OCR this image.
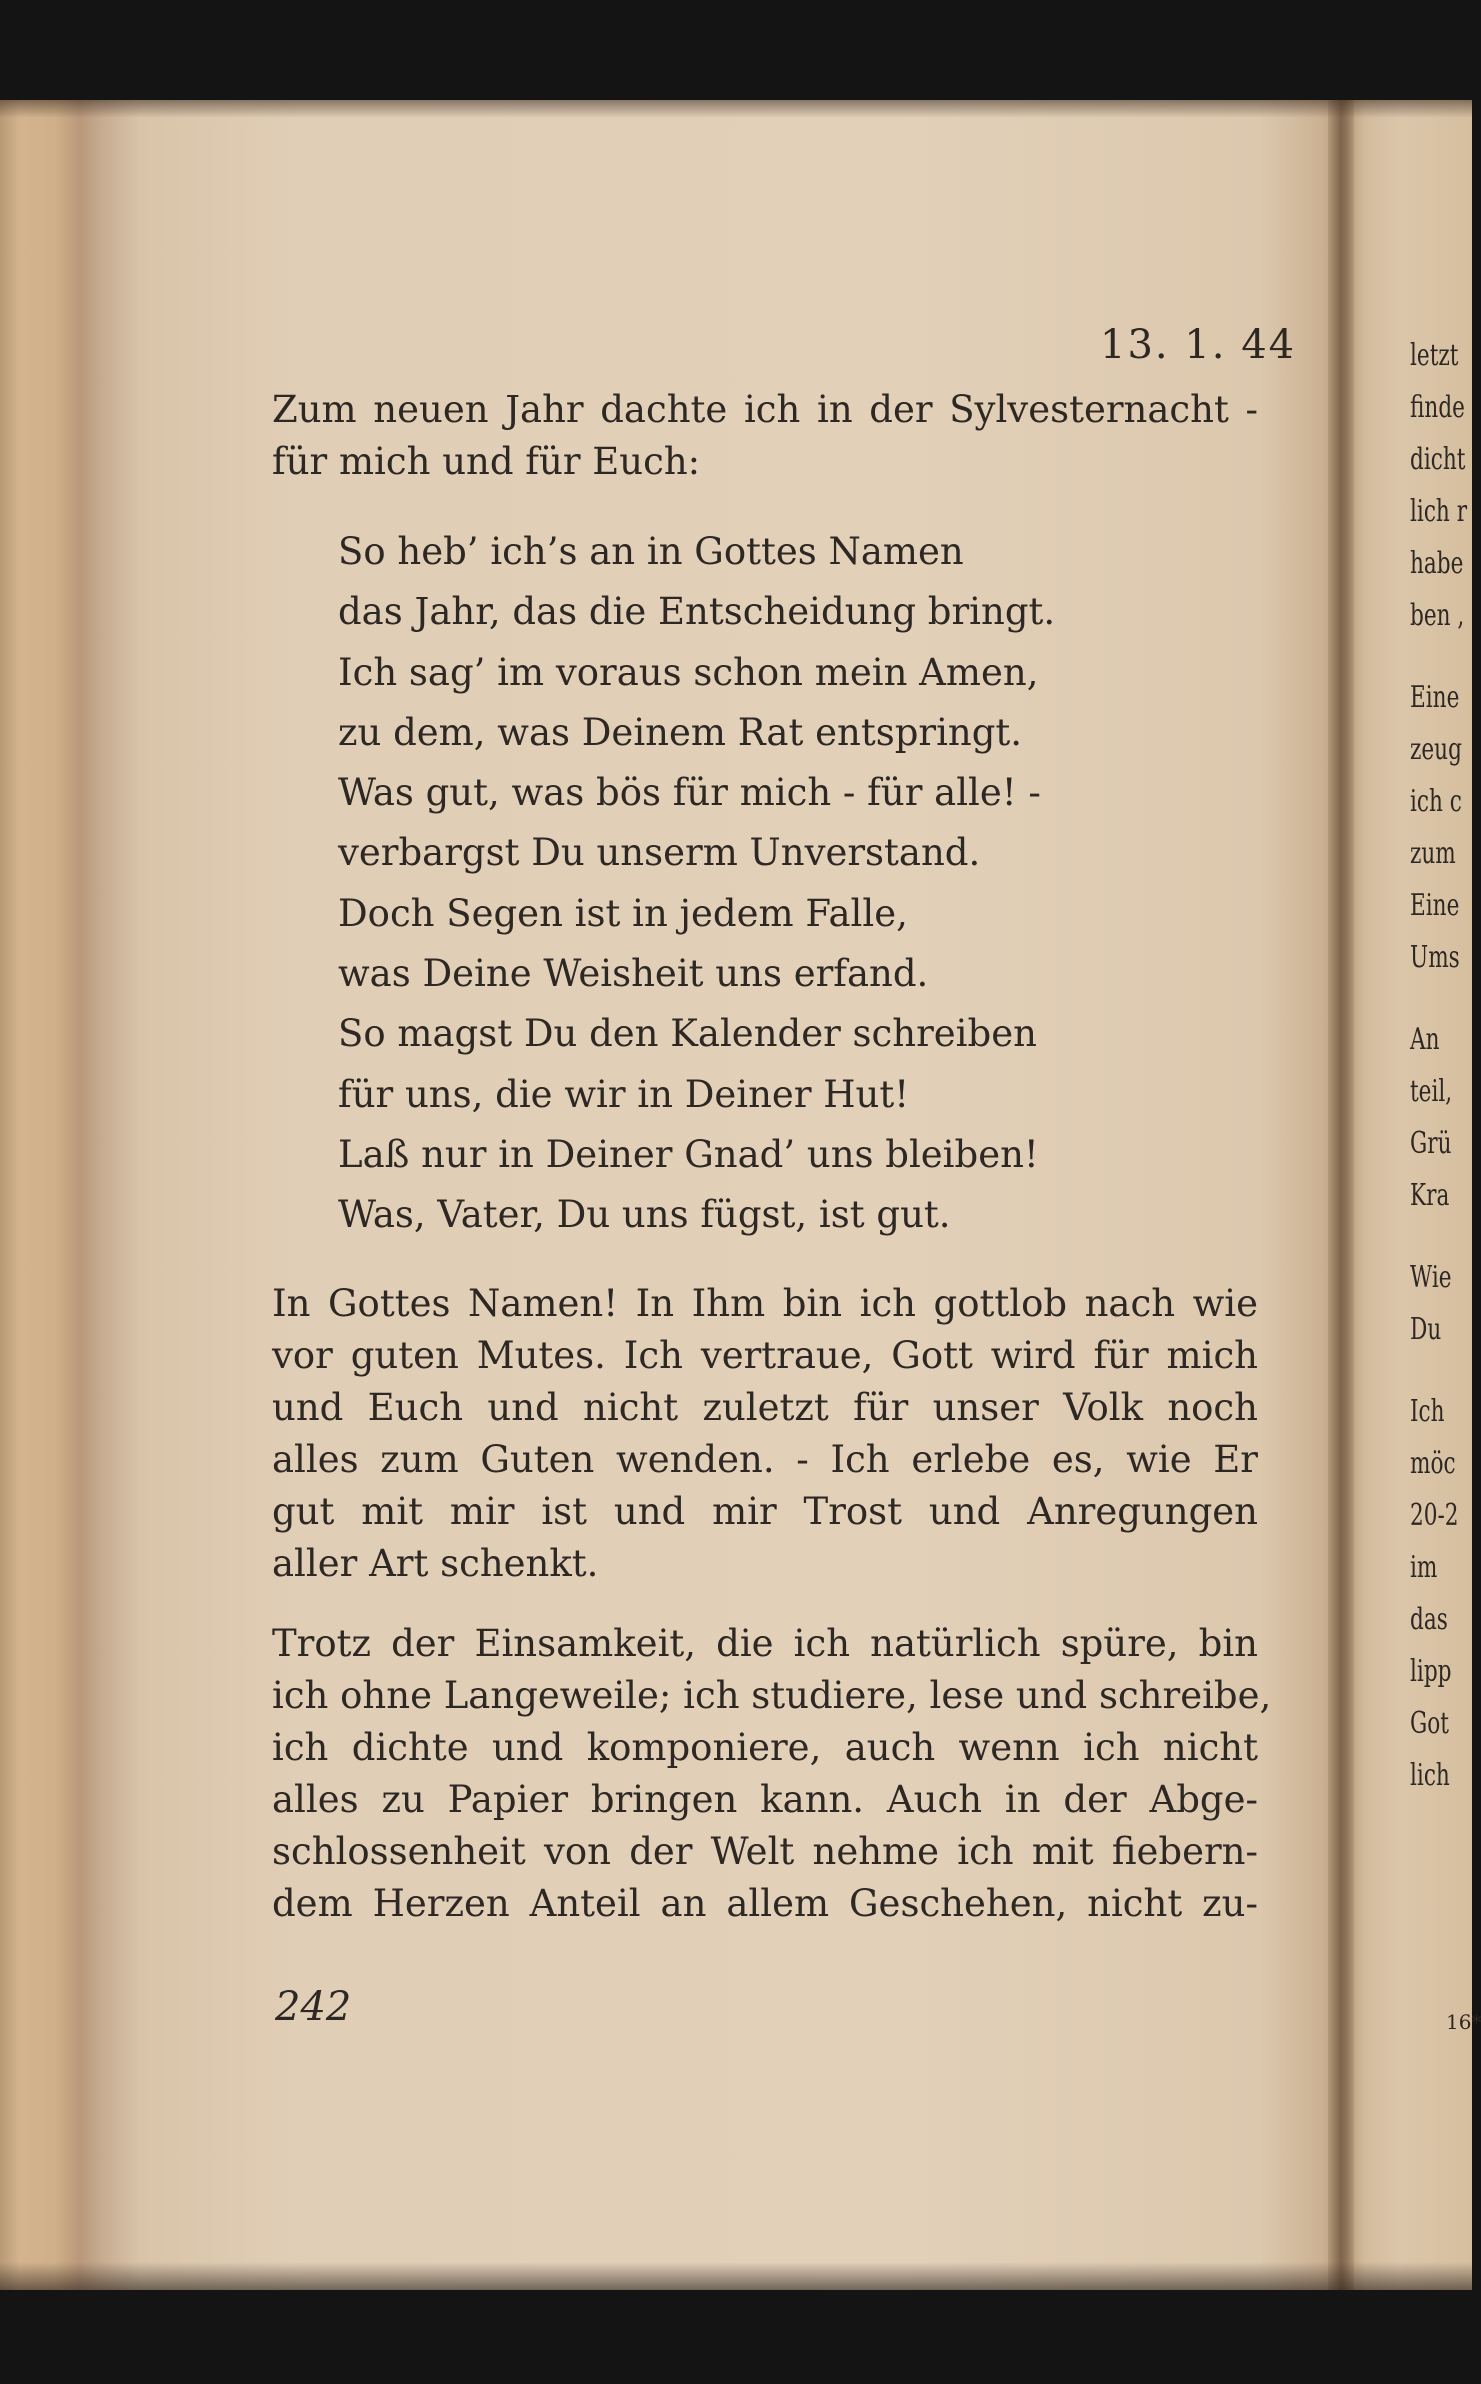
13. 1. 44
Zum neuen Jahr dachte ich in der Sylvesternacht -
für mich und für Euch:
So heb’ ich’s an in Gottes Namen
das Jahr, das die Entscheidung bringt.
Ich sag’ im voraus schon mein Amen,
zu dem, was Deinem Rat entspringt.
Was gut, was bös für mich - für alle! -
verbargst Du unserm Unverstand.
Doch Segen ist in jedem Falle,
was Deine Weisheit uns erfand.
So magst Du den Kalender schreiben
für uns, die wir in Deiner Hut!
Laß nur in Deiner Gnad’ uns bleiben!
Was, Vater, Du uns fügst, ist gut.
In Gottes Namen! In Ihm bin ich gottlob nach wie
vor guten Mutes. Ich vertraue, Gott wird für mich
und Euch und nicht zuletzt für unser Volk noch
alles zum Guten wenden. - Ich erlebe es, wie Er
gut mit mir ist und mir Trost und Anregungen
aller Art schenkt.
Trotz der Einsamkeit, die ich natürlich spüre, bin
ich ohne Langeweile; ich studiere, lese und schreibe,
ich dichte und komponiere, auch wenn ich nicht
alles zu Papier bringen kann. Auch in der Abge-
schlossenheit von der Welt nehme ich mit fiebern-
dem Herzen Anteil an allem Geschehen, nicht zu-
242
letzt
finde
dicht
lich r
habe
ben ,
Eine
zeug
ich c
zum
Eine
Ums
An
teil,
Grü
Kra
Wie
Du
Ich
möc
20-2
im
das
lipp
Got
lich
16*
